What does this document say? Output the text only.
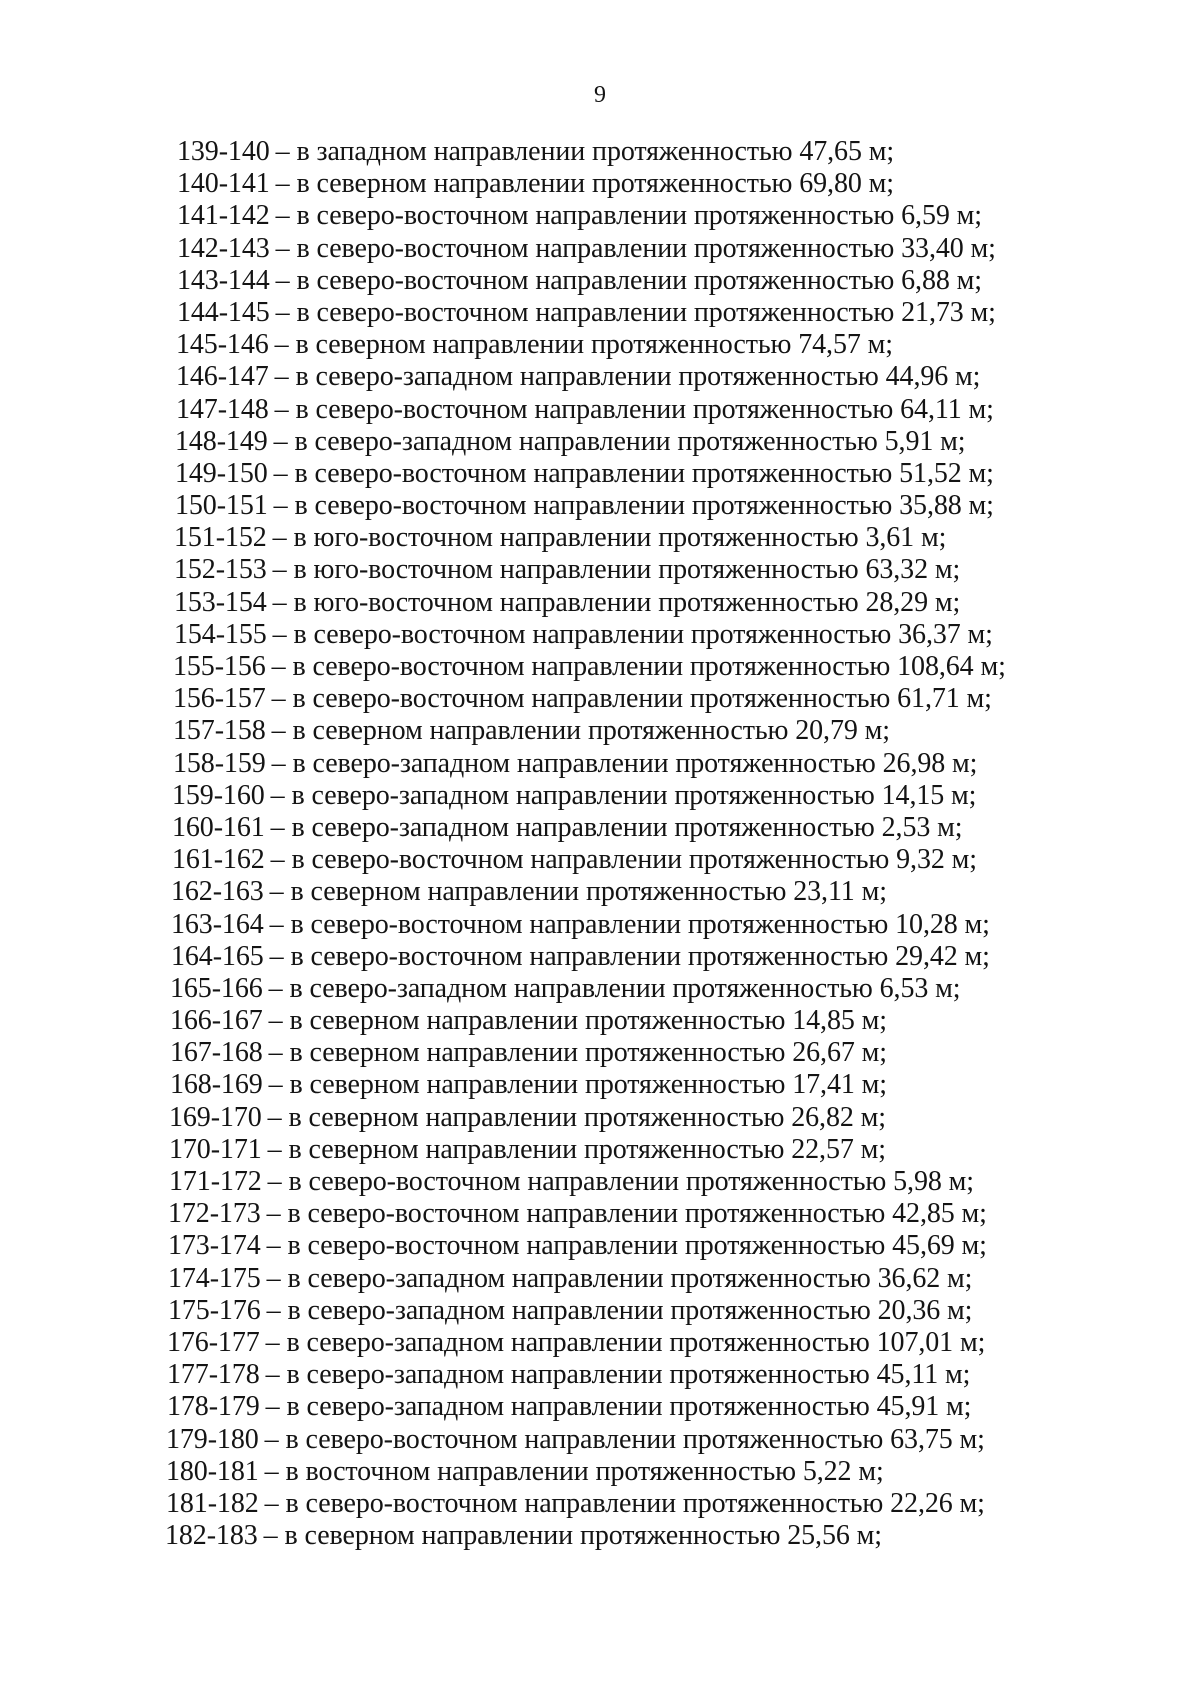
9
139-140 – в западном направлении протяженностью 47,65 м;
140-141 – в северном направлении протяженностью 69,80 м;
141-142 – в северо-восточном направлении протяженностью 6,59 м;
142-143 – в северо-восточном направлении протяженностью 33,40 м;
143-144 – в северо-восточном направлении протяженностью 6,88 м;
144-145 – в северо-восточном направлении протяженностью 21,73 м;
145-146 – в северном направлении протяженностью 74,57 м;
146-147 – в северо-западном направлении протяженностью 44,96 м;
147-148 – в северо-восточном направлении протяженностью 64,11 м;
148-149 – в северо-западном направлении протяженностью 5,91 м;
149-150 – в северо-восточном направлении протяженностью 51,52 м;
150-151 – в северо-восточном направлении протяженностью 35,88 м;
151-152 – в юго-восточном направлении протяженностью 3,61 м;
152-153 – в юго-восточном направлении протяженностью 63,32 м;
153-154 – в юго-восточном направлении протяженностью 28,29 м;
154-155 – в северо-восточном направлении протяженностью 36,37 м;
155-156 – в северо-восточном направлении протяженностью 108,64 м;
156-157 – в северо-восточном направлении протяженностью 61,71 м;
157-158 – в северном направлении протяженностью 20,79 м;
158-159 – в северо-западном направлении протяженностью 26,98 м;
159-160 – в северо-западном направлении протяженностью 14,15 м;
160-161 – в северо-западном направлении протяженностью 2,53 м;
161-162 – в северо-восточном направлении протяженностью 9,32 м;
162-163 – в северном направлении протяженностью 23,11 м;
163-164 – в северо-восточном направлении протяженностью 10,28 м;
164-165 – в северо-восточном направлении протяженностью 29,42 м;
165-166 – в северо-западном направлении протяженностью 6,53 м;
166-167 – в северном направлении протяженностью 14,85 м;
167-168 – в северном направлении протяженностью 26,67 м;
168-169 – в северном направлении протяженностью 17,41 м;
169-170 – в северном направлении протяженностью 26,82 м;
170-171 – в северном направлении протяженностью 22,57 м;
171-172 – в северо-восточном направлении протяженностью 5,98 м;
172-173 – в северо-восточном направлении протяженностью 42,85 м;
173-174 – в северо-восточном направлении протяженностью 45,69 м;
174-175 – в северо-западном направлении протяженностью 36,62 м;
175-176 – в северо-западном направлении протяженностью 20,36 м;
176-177 – в северо-западном направлении протяженностью 107,01 м;
177-178 – в северо-западном направлении протяженностью 45,11 м;
178-179 – в северо-западном направлении протяженностью 45,91 м;
179-180 – в северо-восточном направлении протяженностью 63,75 м;
180-181 – в восточном направлении протяженностью 5,22 м;
181-182 – в северо-восточном направлении протяженностью 22,26 м;
182-183 – в северном направлении протяженностью 25,56 м;
